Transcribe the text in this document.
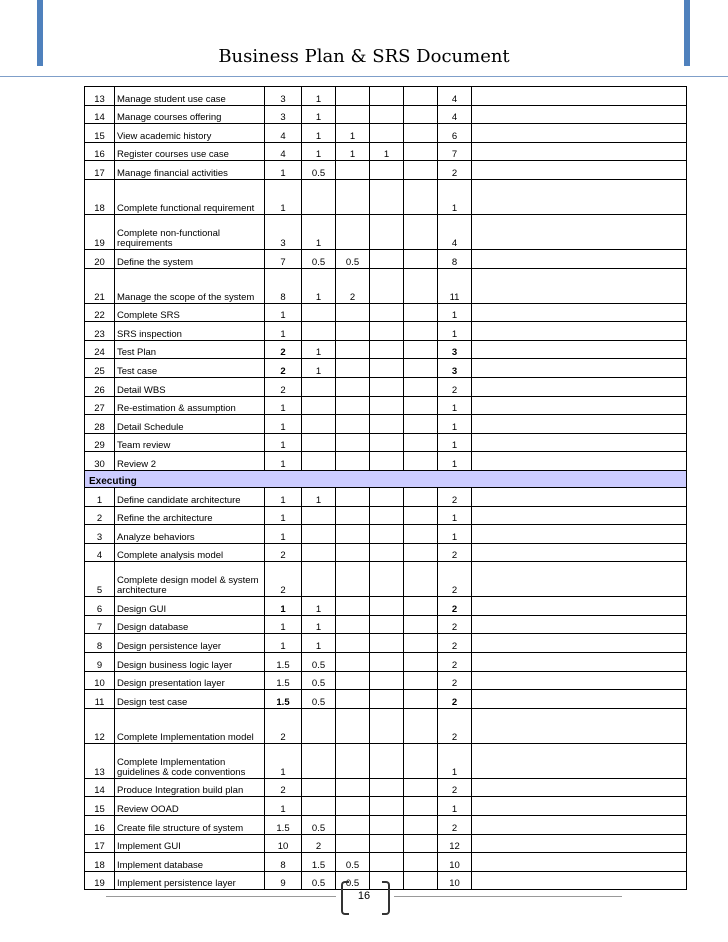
Business Plan & SRS Document
13	Manage student use case	3	1				4	
14	Manage courses offering	3	1				4	
15	View academic history	4	1	1			6	
16	Register courses use case	4	1	1	1		7	
17	Manage financial activities	1	0.5				2	
18	Complete functional requirement	1					1	
19	Complete non-functional requirements	3	1				4	
20	Define the system	7	0.5	0.5			8	
21	Manage the scope of the system	8	1	2			11	
22	Complete SRS	1					1	
23	SRS inspection	1					1	
24	Test Plan	2	1				3	
25	Test case	2	1				3	
26	Detail WBS	2					2	
27	Re-estimation & assumption	1					1	
28	Detail Schedule	1					1	
29	Team review	1					1	
30	Review 2	1					1	
Executing								
1	Define candidate architecture	1	1				2	
2	Refine the architecture	1					1	
3	Analyze behaviors	1					1	
4	Complete analysis model	2					2	
5	Complete design model & system architecture	2					2	
6	Design GUI	1	1				2	
7	Design database	1	1				2	
8	Design persistence layer	1	1				2	
9	Design business logic layer	1.5	0.5				2	
10	Design presentation layer	1.5	0.5				2	
11	Design test case	1.5	0.5				2	
12	Complete Implementation model	2					2	
13	Complete Implementation guidelines & code conventions	1					1	
14	Produce Integration build plan	2					2	
15	Review OOAD	1					1	
16	Create file structure of system	1.5	0.5				2	
17	Implement GUI	10	2				12	
18	Implement database	8	1.5	0.5			10	
19	Implement persistence layer	9	0.5	0.5			10	
16
